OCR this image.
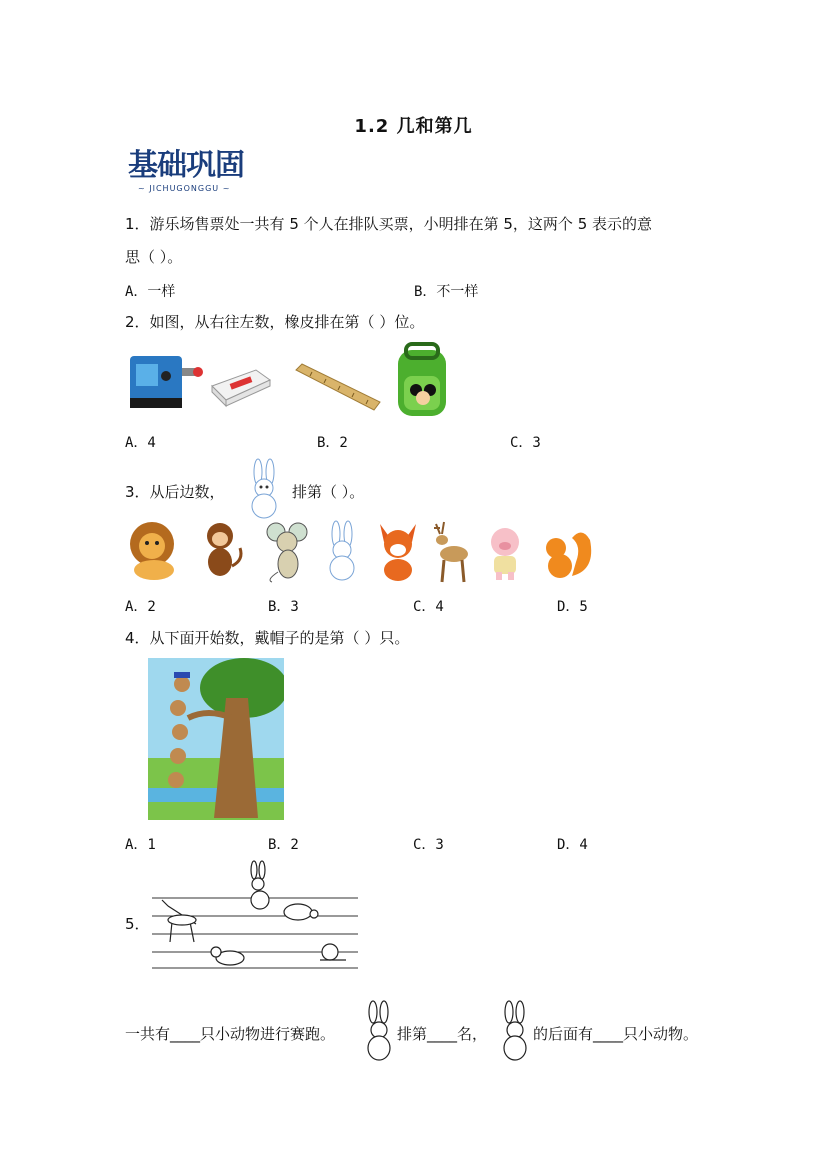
1.2 几和第几
基础巩固
~ JICHUGONGGU ~
1．游乐场售票处一共有 5 个人在排队买票，小明排在第 5，这两个 5 表示的意
思（ ）。
A．一样	B．不一样
2．如图，从右往左数，橡皮排在第（ ）位。
A．4	B．2	C．3
3．从后边数，	排第（ ）。
A．2	B．3	C．4	D．5
4．从下面开始数，戴帽子的是第（ ）只。
A．1	B．2	C．3	D．4
5．
一共有____只小动物进行赛跑。	排第____名，	的后面有____只小动物。
